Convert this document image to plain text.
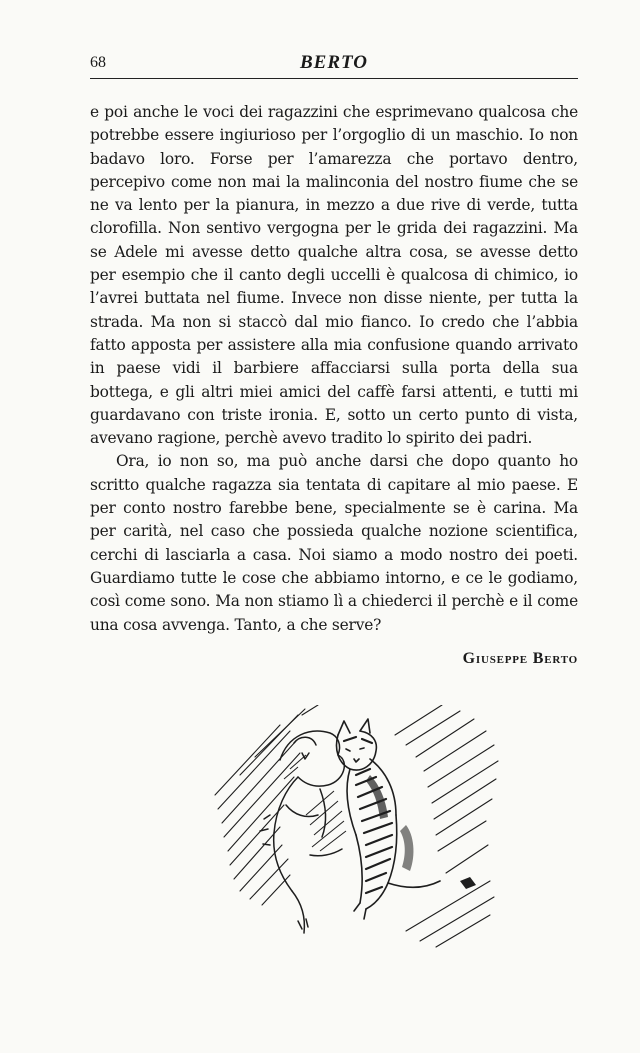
68	BERTO

e poi anche le voci dei ragazzini che esprimevano qualcosa che potrebbe essere ingiurioso per l’orgoglio di un maschio. Io non badavo loro. Forse per l’amarezza che portavo dentro, percepivo come non mai la malinconia del nostro fiume che se ne va lento per la pianura, in mezzo a due rive di verde, tutta clorofilla. Non sentivo vergogna per le grida dei ragazzini. Ma se Adele mi avesse detto qualche altra cosa, se avesse detto per esempio che il canto degli uccelli è qualcosa di chimico, io l’avrei buttata nel fiume. Invece non disse niente, per tutta la strada. Ma non si staccò dal mio fianco. Io credo che l’abbia fatto apposta per assistere alla mia confusione quando arrivato in paese vidi il barbiere affacciarsi sulla porta della sua bottega, e gli altri miei amici del caffè farsi attenti, e tutti mi guardavano con triste ironia. E, sotto un certo punto di vista, avevano ragione, perchè avevo tradito lo spirito dei padri.

Ora, io non so, ma può anche darsi che dopo quanto ho scritto qualche ragazza sia tentata di capitare al mio paese. E per conto nostro farebbe bene, specialmente se è carina. Ma per carità, nel caso che possieda qualche nozione scientifica, cerchi di lasciarla a casa. Noi siamo a modo nostro dei poeti. Guardiamo tutte le cose che abbiamo intorno, e ce le godiamo, così come sono. Ma non stiamo lì a chiederci il perchè e il come una cosa avvenga. Tanto, a che serve?

Giuseppe Berto
